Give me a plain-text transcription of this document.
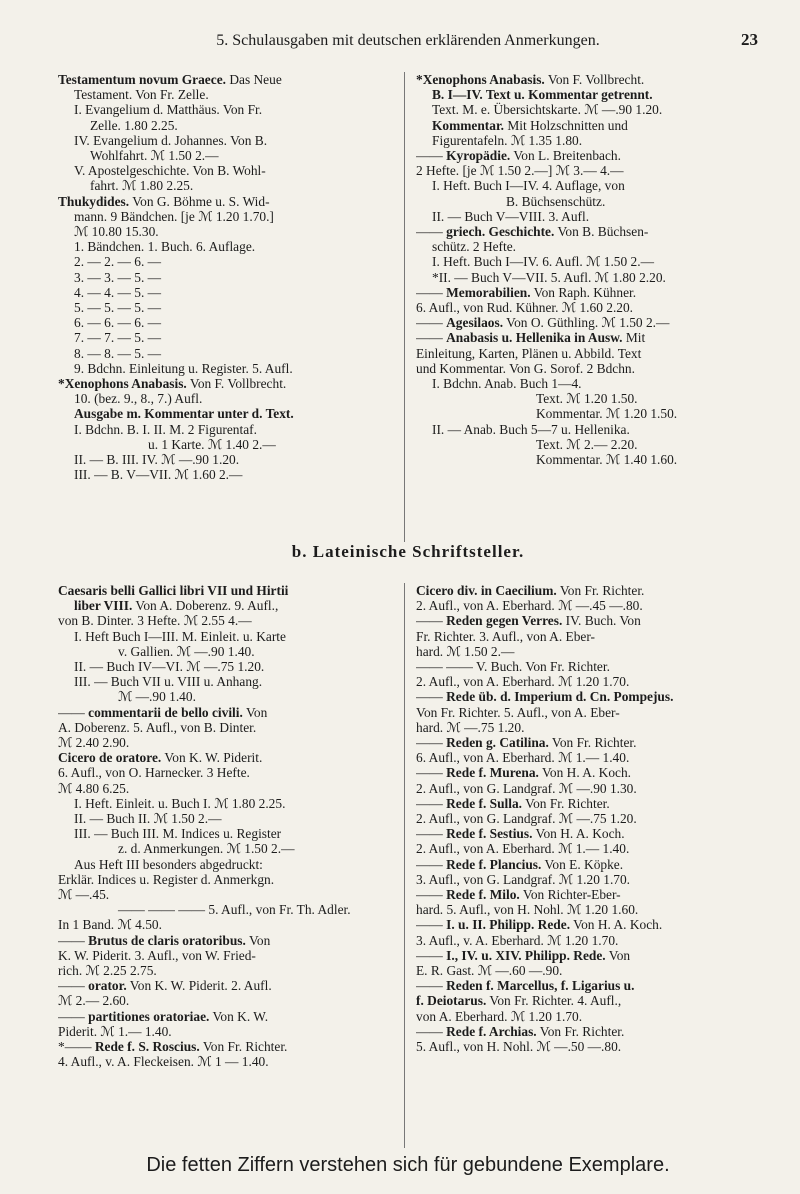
5. Schulausgaben mit deutschen erklärenden Anmerkungen.	23
Testamentum novum Graece. Das Neue
Testament. Von Fr. Zelle.
I. Evangelium d. Matthäus. Von Fr.
Zelle. 1.80 2.25.
IV. Evangelium d. Johannes. Von B.
Wohlfahrt. ℳ 1.50 2.—
V. Apostelgeschichte. Von B. Wohl-
fahrt. ℳ 1.80 2.25.
Thukydides. Von G. Böhme u. S. Wid-
mann. 9 Bändchen. [je ℳ 1.20 1.70.]
ℳ 10.80 15.30.
1. Bändchen. 1. Buch. 6. Auflage.
2. — 2. — 6. —
3. — 3. — 5. —
4. — 4. — 5. —
5. — 5. — 5. —
6. — 6. — 6. —
7. — 7. — 5. —
8. — 8. — 5. —
9. Bdchn. Einleitung u. Register. 5. Aufl.
*Xenophons Anabasis. Von F. Vollbrecht.
10. (bez. 9., 8., 7.) Aufl.
Ausgabe m. Kommentar unter d. Text.
I. Bdchn. B. I. II. M. 2 Figurentaf.
u. 1 Karte. ℳ 1.40 2.—
II. — B. III. IV. ℳ —.90 1.20.
III. — B. V—VII. ℳ 1.60 2.—
*Xenophons Anabasis. Von F. Vollbrecht.
B. I—IV. Text u. Kommentar getrennt.
Text. M. e. Übersichtskarte. ℳ —.90 1.20.
Kommentar. Mit Holzschnitten und
Figurentafeln. ℳ 1.35 1.80.
—— Kyropädie. Von L. Breitenbach.
2 Hefte. [je ℳ 1.50 2.—] ℳ 3.— 4.—
I. Heft. Buch I—IV. 4. Auflage, von
B. Büchsenschütz.
II. — Buch V—VIII. 3. Aufl.
—— griech. Geschichte. Von B. Büchsen-
schütz. 2 Hefte.
I. Heft. Buch I—IV. 6. Aufl. ℳ 1.50 2.—
*II. — Buch V—VII. 5. Aufl. ℳ 1.80 2.20.
—— Memorabilien. Von Raph. Kühner.
6. Aufl., von Rud. Kühner. ℳ 1.60 2.20.
—— Agesilaos. Von O. Güthling. ℳ 1.50 2.—
—— Anabasis u. Hellenika in Ausw. Mit
Einleitung, Karten, Plänen u. Abbild. Text
und Kommentar. Von G. Sorof. 2 Bdchn.
I. Bdchn. Anab. Buch 1—4.
Text. ℳ 1.20 1.50.
Kommentar. ℳ 1.20 1.50.
II. — Anab. Buch 5—7 u. Hellenika.
Text. ℳ 2.— 2.20.
Kommentar. ℳ 1.40 1.60.
b. Lateinische Schriftsteller.
Caesaris belli Gallici libri VII und Hirtii
liber VIII. Von A. Doberenz. 9. Aufl.,
von B. Dinter. 3 Hefte. ℳ 2.55 4.—
I. Heft Buch I—III. M. Einleit. u. Karte
v. Gallien. ℳ —.90 1.40.
II. — Buch IV—VI. ℳ —.75 1.20.
III. — Buch VII u. VIII u. Anhang.
ℳ —.90 1.40.
—— commentarii de bello civili. Von
A. Doberenz. 5. Aufl., von B. Dinter.
ℳ 2.40 2.90.
Cicero de oratore. Von K. W. Piderit.
6. Aufl., von O. Harnecker. 3 Hefte.
ℳ 4.80 6.25.
I. Heft. Einleit. u. Buch I. ℳ 1.80 2.25.
II. — Buch II. ℳ 1.50 2.—
III. — Buch III. M. Indices u. Register
z. d. Anmerkungen. ℳ 1.50 2.—
Aus Heft III besonders abgedruckt:
Erklär. Indices u. Register d. Anmerkgn.
ℳ —.45.
—— —— —— 5. Aufl., von Fr. Th. Adler.
In 1 Band. ℳ 4.50.
—— Brutus de claris oratoribus. Von
K. W. Piderit. 3. Aufl., von W. Fried-
rich. ℳ 2.25 2.75.
—— orator. Von K. W. Piderit. 2. Aufl.
ℳ 2.— 2.60.
—— partitiones oratoriae. Von K. W.
Piderit. ℳ 1.— 1.40.
*—— Rede f. S. Roscius. Von Fr. Richter.
4. Aufl., v. A. Fleckeisen. ℳ 1 — 1.40.
Cicero div. in Caecilium. Von Fr. Richter.
2. Aufl., von A. Eberhard. ℳ —.45 —.80.
—— Reden gegen Verres. IV. Buch. Von
Fr. Richter. 3. Aufl., von A. Eber-
hard. ℳ 1.50 2.—
—— —— V. Buch. Von Fr. Richter.
2. Aufl., von A. Eberhard. ℳ 1.20 1.70.
—— Rede üb. d. Imperium d. Cn. Pompejus.
Von Fr. Richter. 5. Aufl., von A. Eber-
hard. ℳ —.75 1.20.
—— Reden g. Catilina. Von Fr. Richter.
6. Aufl., von A. Eberhard. ℳ 1.— 1.40.
—— Rede f. Murena. Von H. A. Koch.
2. Aufl., von G. Landgraf. ℳ —.90 1.30.
—— Rede f. Sulla. Von Fr. Richter.
2. Aufl., von G. Landgraf. ℳ —.75 1.20.
—— Rede f. Sestius. Von H. A. Koch.
2. Aufl., von A. Eberhard. ℳ 1.— 1.40.
—— Rede f. Plancius. Von E. Köpke.
3. Aufl., von G. Landgraf. ℳ 1.20 1.70.
—— Rede f. Milo. Von Richter-Eber-
hard. 5. Aufl., von H. Nohl. ℳ 1.20 1.60.
—— I. u. II. Philipp. Rede. Von H. A. Koch.
3. Aufl., v. A. Eberhard. ℳ 1.20 1.70.
—— I., IV. u. XIV. Philipp. Rede. Von
E. R. Gast. ℳ —.60 —.90.
—— Reden f. Marcellus, f. Ligarius u.
f. Deiotarus. Von Fr. Richter. 4. Aufl.,
von A. Eberhard. ℳ 1.20 1.70.
—— Rede f. Archias. Von Fr. Richter.
5. Aufl., von H. Nohl. ℳ —.50 —.80.
Die fetten Ziffern verstehen sich für gebundene Exemplare.
